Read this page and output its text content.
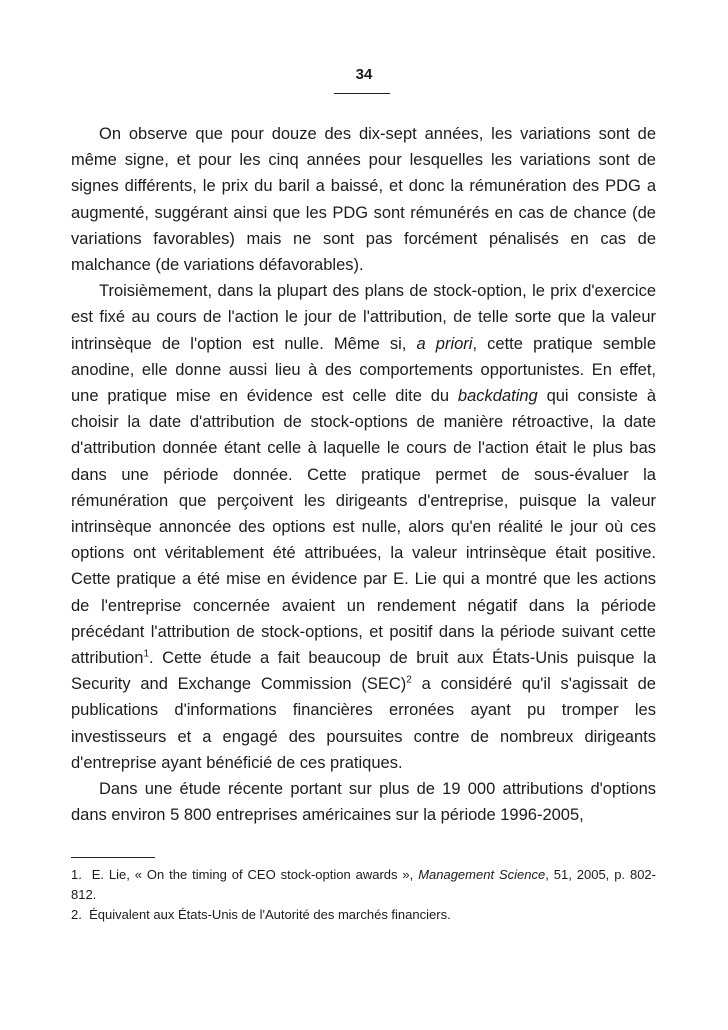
34

On observe que pour douze des dix-sept années, les variations sont de même signe, et pour les cinq années pour lesquelles les variations sont de signes différents, le prix du baril a baissé, et donc la rémunération des PDG a augmenté, suggérant ainsi que les PDG sont rémunérés en cas de chance (de variations favorables) mais ne sont pas forcément pénalisés en cas de malchance (de variations défavorables).

Troisièmement, dans la plupart des plans de stock-option, le prix d'exercice est fixé au cours de l'action le jour de l'attribution, de telle sorte que la valeur intrinsèque de l'option est nulle. Même si, a priori, cette pratique semble anodine, elle donne aussi lieu à des comportements opportunistes. En effet, une pratique mise en évidence est celle dite du backdating qui consiste à choisir la date d'attribution de stock-options de manière rétroactive, la date d'attribution donnée étant celle à laquelle le cours de l'action était le plus bas dans une période donnée. Cette pratique permet de sous-évaluer la rémunération que perçoivent les dirigeants d'entreprise, puisque la valeur intrinsèque annoncée des options est nulle, alors qu'en réalité le jour où ces options ont véritablement été attribuées, la valeur intrinsèque était positive. Cette pratique a été mise en évidence par E. Lie qui a montré que les actions de l'entreprise concernée avaient un rendement négatif dans la période précédant l'attribution de stock-options, et positif dans la période suivant cette attribution$^1$. Cette étude a fait beaucoup de bruit aux États-Unis puisque la Security and Exchange Commission (SEC)$^2$ a considéré qu'il s'agissait de publications d'informations financières erronées ayant pu tromper les investisseurs et a engagé des poursuites contre de nombreux dirigeants d'entreprise ayant bénéficié de ces pratiques.

Dans une étude récente portant sur plus de 19 000 attributions d'options dans environ 5 800 entreprises américaines sur la période 1996-2005,

1. E. Lie, « On the timing of CEO stock-option awards », Management Science, 51, 2005, p. 802-812.

2. Équivalent aux États-Unis de l'Autorité des marchés financiers.
